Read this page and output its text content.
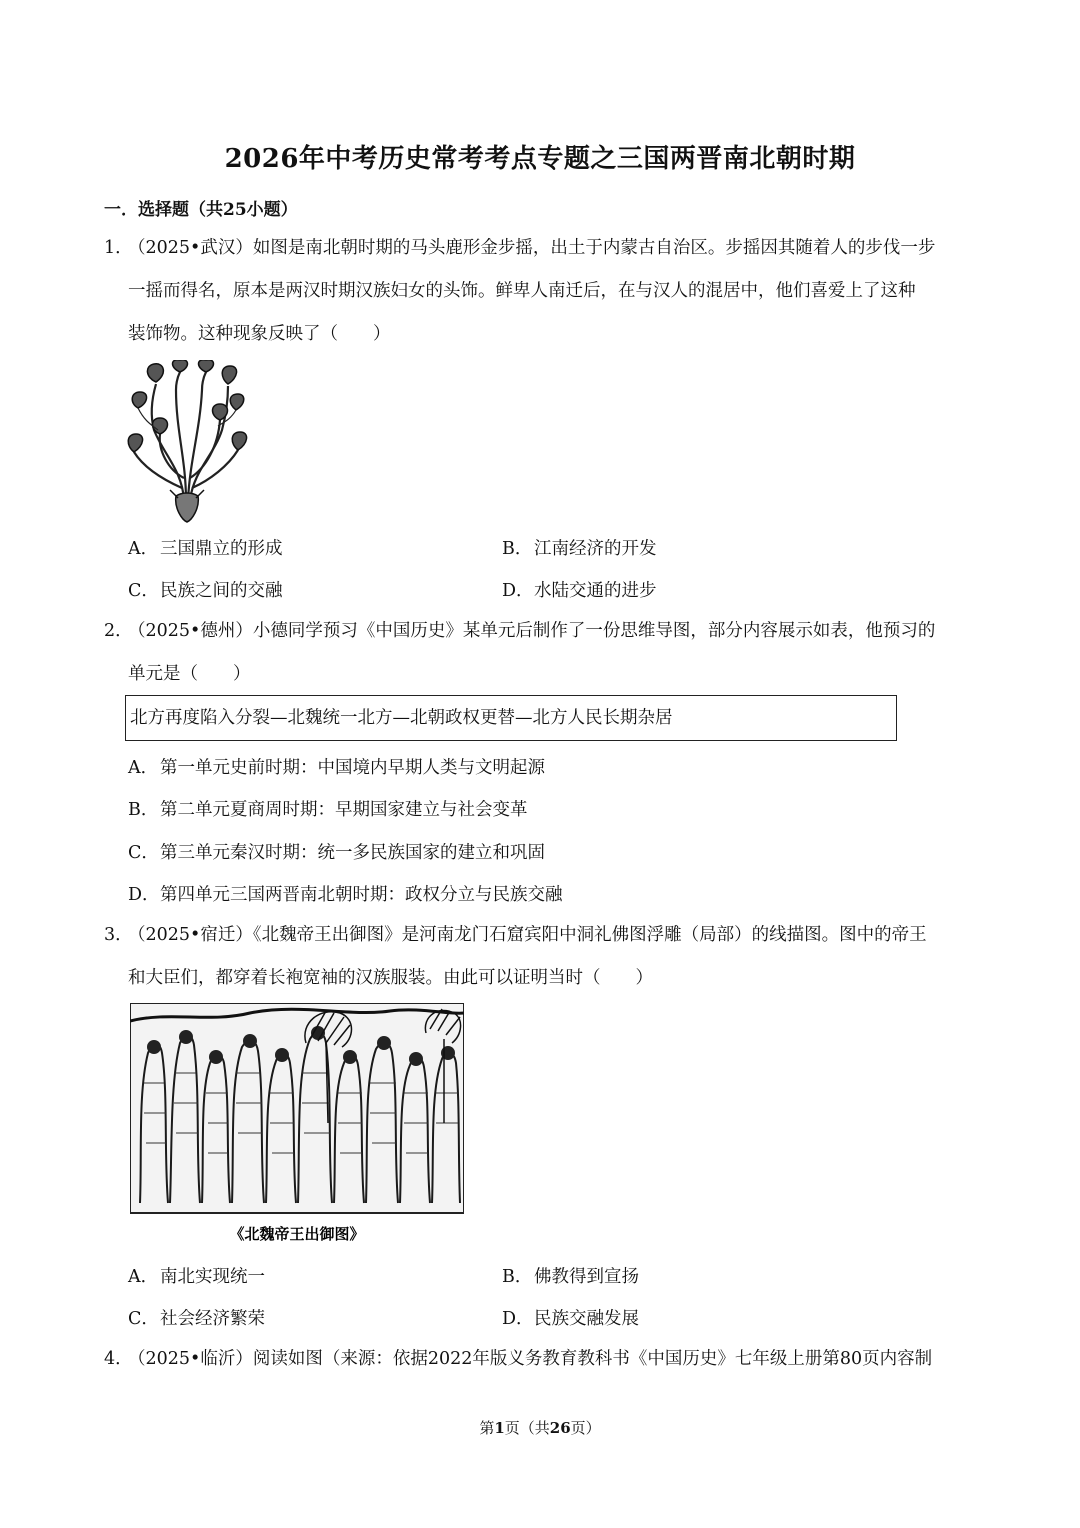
2026年中考历史常考考点专题之三国两晋南北朝时期
一．选择题（共25小题）
1．（2025•武汉）如图是南北朝时期的马头鹿形金步摇，出土于内蒙古自治区。步摇因其随着人的步伐一步
一摇而得名，原本是两汉时期汉族妇女的头饰。鲜卑人南迁后，在与汉人的混居中，他们喜爱上了这种
装饰物。这种现象反映了（　　）
A． 三国鼎立的形成	B．江南经济的开发
C．民族之间的交融	D．水陆交通的进步
2．（2025•德州）小德同学预习《中国历史》某单元后制作了一份思维导图，部分内容展示如表，他预习的
单元是（　　）
北方再度陷入分裂—北魏统一北方—北朝政权更替—北方人民长期杂居
A． 第一单元史前时期：中国境内早期人类与文明起源
B．第二单元夏商周时期：早期国家建立与社会变革
C．第三单元秦汉时期：统一多民族国家的建立和巩固
D．第四单元三国两晋南北朝时期：政权分立与民族交融
3．（2025•宿迁）《北魏帝王出御图》是河南龙门石窟宾阳中洞礼佛图浮雕（局部）的线描图。图中的帝王
和大臣们，都穿着长袍宽袖的汉族服装。由此可以证明当时（　　）
《北魏帝王出御图》
A． 南北实现统一	B．佛教得到宣扬
C．社会经济繁荣	D．民族交融发展
4．（2025•临沂）阅读如图（来源：依据2022年版义务教育教科书《中国历史》七年级上册第80页内容制
第1页（共26页）
